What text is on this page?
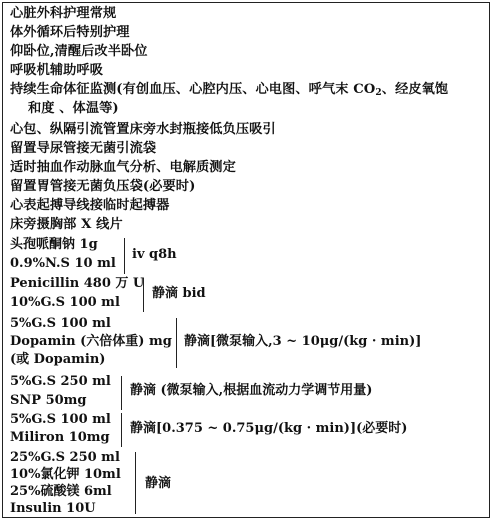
心脏外科护理常规
体外循环后特别护理
仰卧位,清醒后改半卧位
呼吸机辅助呼吸
持续生命体征监测(有创血压、心腔内压、心电图、呼气末 $CO_2$、经皮氧饱
和度 、体温等)
心包、纵隔引流管置床旁水封瓶接低负压吸引
留置导尿管接无菌引流袋
适时抽血作动脉血气分析、电解质测定
留置胃管接无菌负压袋(必要时)
心表起搏导线接临时起搏器
床旁摄胸部 X 线片
头孢哌酮钠 1g
0.9%N.S 10 ml
iv q8h
Penicillin 480 万 U
10%G.S 100 ml
静滴 bid
5%G.S 100 ml
Dopamin (六倍体重) mg
(或 Dopamin)
静滴[微泵输入,3 ~ 10μg/(kg · min)]
5%G.S 250 ml
SNP 50mg
静滴 (微泵输入,根据血流动力学调节用量)
5%G.S 100 ml
Miliron 10mg
静滴[0.375 ~ 0.75μg/(kg · min)](必要时)
25%G.S 250 ml
10%氯化钾 10ml
25%硫酸镁 6ml
Insulin 10U
静滴
